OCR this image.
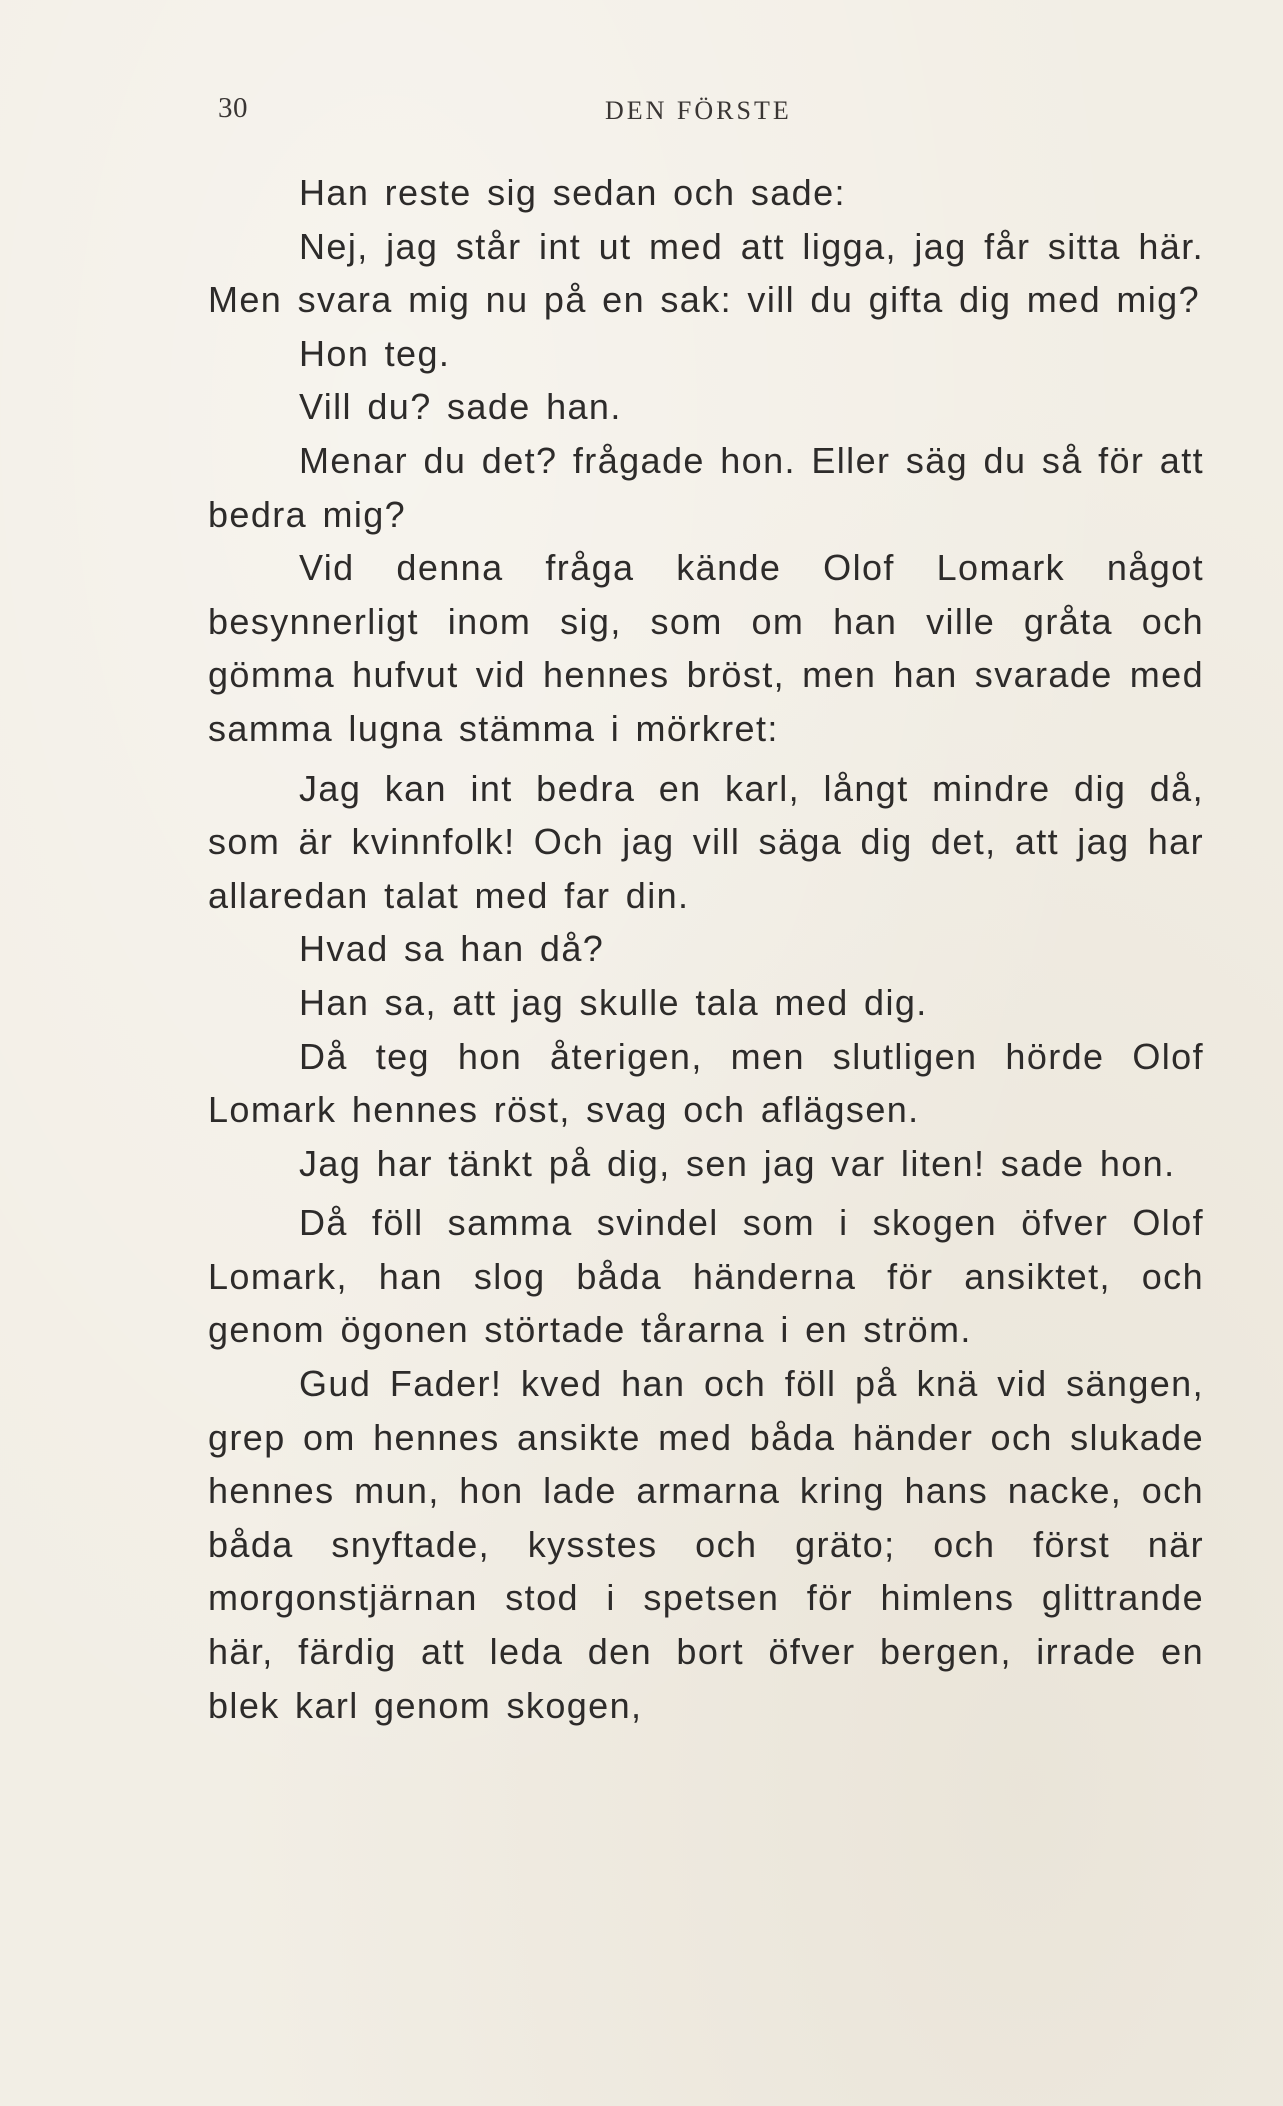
30	DEN FÖRSTE

Han reste sig sedan och sade:

Nej, jag står int ut med att ligga, jag får sitta här. Men svara mig nu på en sak: vill du gifta dig med mig?

Hon teg.

Vill du? sade han.

Menar du det? frågade hon. Eller säg du så för att bedra mig?

Vid denna fråga kände Olof Lomark något besynnerligt inom sig, som om han ville gråta och gömma hufvut vid hennes bröst, men han svarade med samma lugna stämma i mörkret:

Jag kan int bedra en karl, långt mindre dig då, som är kvinnfolk! Och jag vill säga dig det, att jag har allaredan talat med far din.

Hvad sa han då?

Han sa, att jag skulle tala med dig.

Då teg hon återigen, men slutligen hörde Olof Lomark hennes röst, svag och aflägsen.

Jag har tänkt på dig, sen jag var liten! sade hon.

Då föll samma svindel som i skogen öfver Olof Lomark, han slog båda händerna för ansiktet, och genom ögonen störtade tårarna i en ström.

Gud Fader! kved han och föll på knä vid sängen, grep om hennes ansikte med båda händer och slukade hennes mun, hon lade armarna kring hans nacke, och båda snyftade, kysstes och gräto; och först när morgonstjärnan stod i spetsen för himlens glittrande här, färdig att leda den bort öfver bergen, irrade en blek karl genom skogen,
